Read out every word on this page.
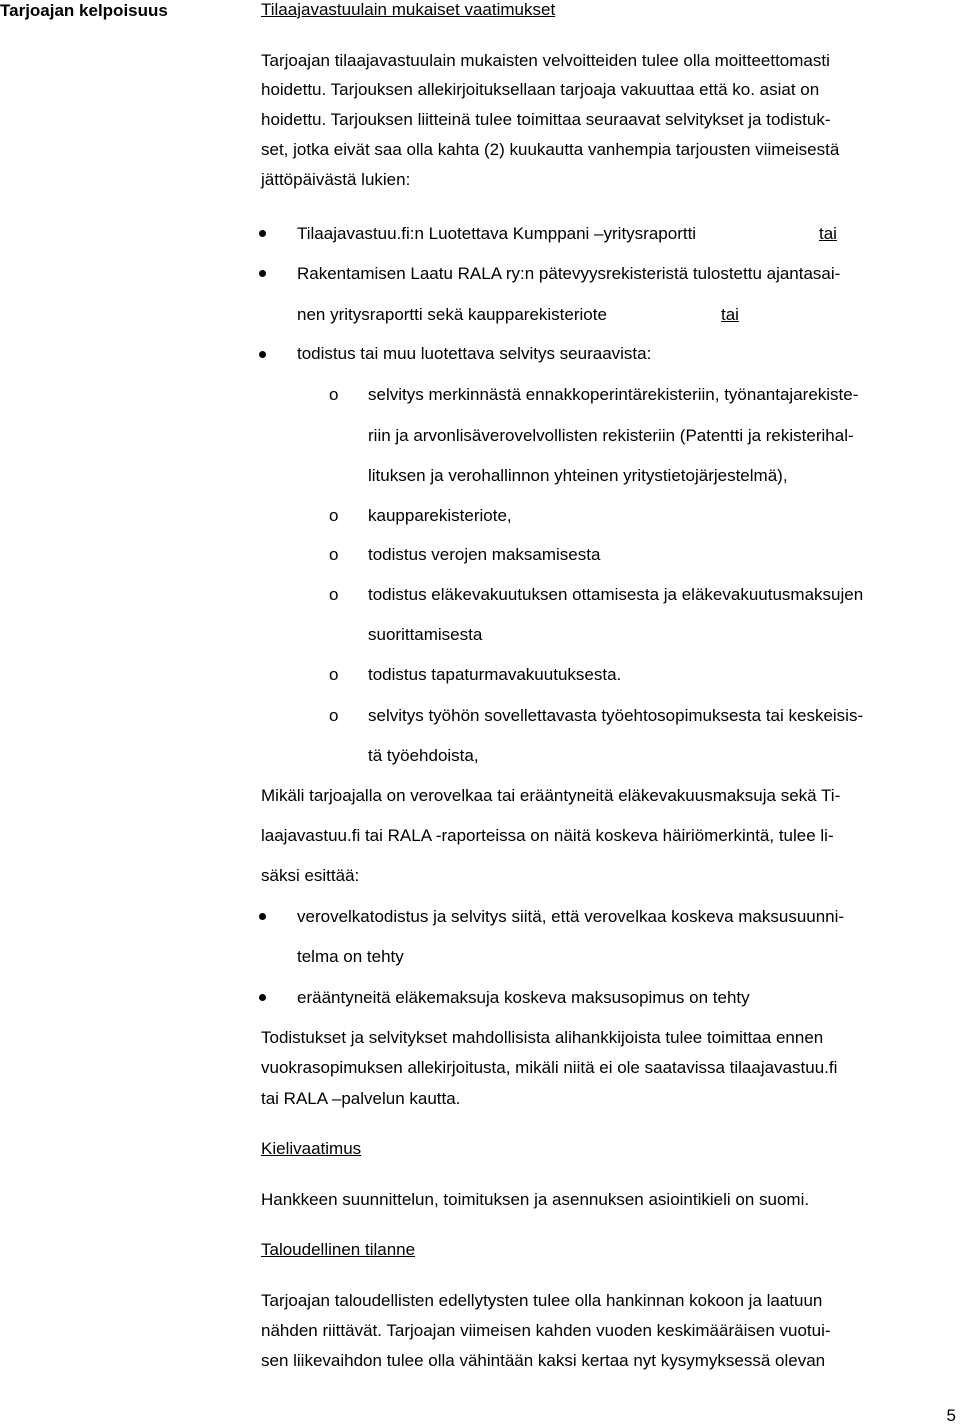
Tarjoajan kelpoisuus	Tilaajavastuulain mukaiset vaatimukset
Tarjoajan tilaajavastuulain mukaisten velvoitteiden tulee olla moitteettomasti
hoidettu. Tarjouksen allekirjoituksellaan tarjoaja vakuuttaa että ko. asiat on
hoidettu. Tarjouksen liitteinä tulee toimittaa seuraavat selvitykset ja todistuk-
set, jotka eivät saa olla kahta (2) kuukautta vanhempia tarjousten viimeisestä
jättöpäivästä lukien:
Tilaajavastuu.fi:n Luotettava Kumppani –yritysraportti	tai
Rakentamisen Laatu RALA ry:n pätevyysrekisteristä tulostettu ajantasai-
nen yritysraportti sekä kaupparekisteriote	tai
todistus tai muu luotettava selvitys seuraavista:
o selvitys merkinnästä ennakkoperintärekisteriin, työnantajarekiste-
riin ja arvonlisäverovelvollisten rekisteriin (Patentti ja rekisterihal-
lituksen ja verohallinnon yhteinen yritystietojärjestelmä),
o kaupparekisteriote,
o todistus verojen maksamisesta
o todistus eläkevakuutuksen ottamisesta ja eläkevakuutusmaksujen
suorittamisesta
o todistus tapaturmavakuutuksesta.
o selvitys työhön sovellettavasta työehtosopimuksesta tai keskeisis-
tä työehdoista,
Mikäli tarjoajalla on verovelkaa tai erääntyneitä eläkevakuusmaksuja sekä Ti-
laajavastuu.fi tai RALA -raporteissa on näitä koskeva häiriömerkintä, tulee li-
säksi esittää:
verovelkatodistus ja selvitys siitä, että verovelkaa koskeva maksusuunni-
telma on tehty
erääntyneitä eläkemaksuja koskeva maksusopimus on tehty
Todistukset ja selvitykset mahdollisista alihankkijoista tulee toimittaa ennen
vuokrasopimuksen allekirjoitusta, mikäli niitä ei ole saatavissa tilaajavastuu.fi
tai RALA –palvelun kautta.
Kielivaatimus
Hankkeen suunnittelun, toimituksen ja asennuksen asiointikieli on suomi.
Taloudellinen tilanne
Tarjoajan taloudellisten edellytysten tulee olla hankinnan kokoon ja laatuun
nähden riittävät. Tarjoajan viimeisen kahden vuoden keskimääräisen vuotui-
sen liikevaihdon tulee olla vähintään kaksi kertaa nyt kysymyksessä olevan
5
